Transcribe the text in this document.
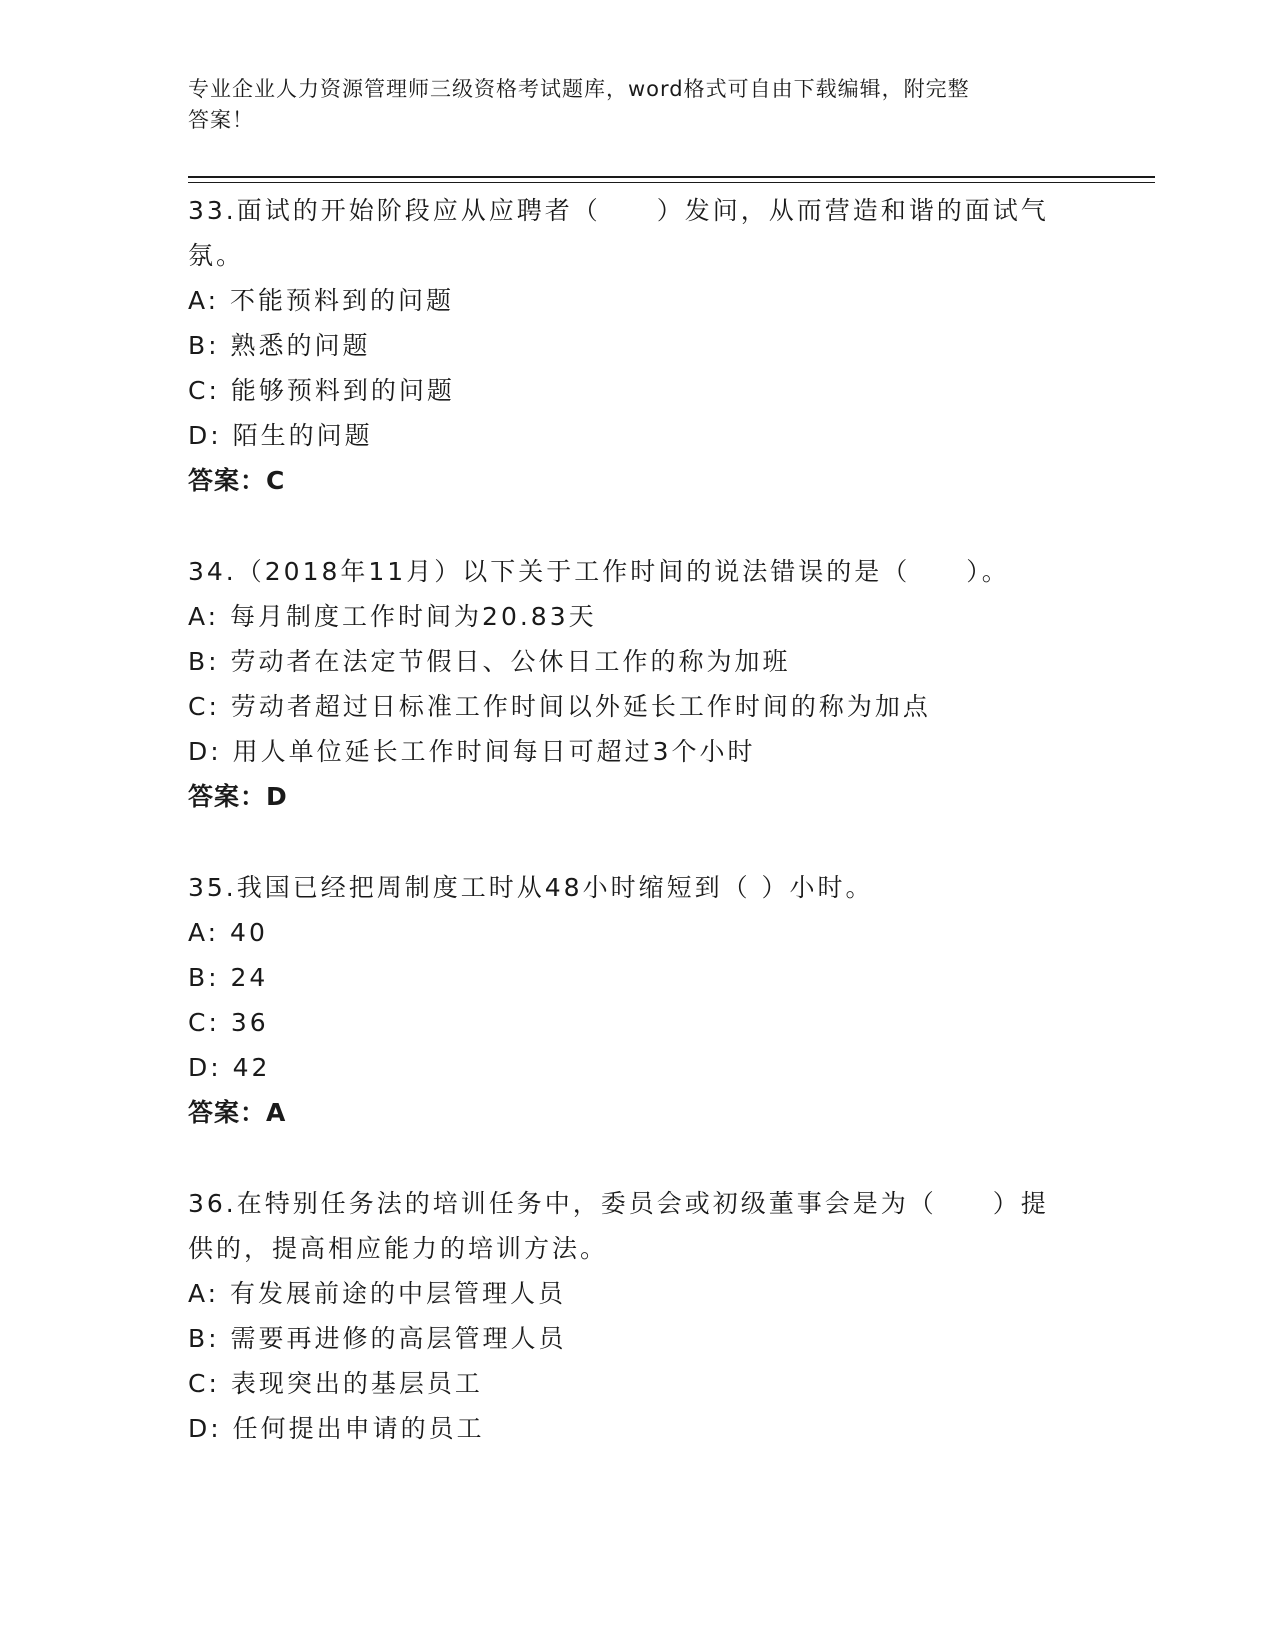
专业企业人力资源管理师三级资格考试题库，word格式可自由下载编辑，附完整
答案！

33.面试的开始阶段应从应聘者（　　）发问，从而营造和谐的面试气

氛。

A: 不能预料到的问题

B: 熟悉的问题

C: 能够预料到的问题

D: 陌生的问题

答案：C

34.（2018年11月）以下关于工作时间的说法错误的是（　　）。

A: 每月制度工作时间为20.83天

B: 劳动者在法定节假日、公休日工作的称为加班

C: 劳动者超过日标准工作时间以外延长工作时间的称为加点

D: 用人单位延长工作时间每日可超过3个小时

答案：D

35.我国已经把周制度工时从48小时缩短到（ ）小时。

A: 40

B: 24

C: 36

D: 42

答案：A

36.在特别任务法的培训任务中，委员会或初级董事会是为（　　）提

供的，提高相应能力的培训方法。

A: 有发展前途的中层管理人员

B: 需要再进修的高层管理人员

C: 表现突出的基层员工

D: 任何提出申请的员工
